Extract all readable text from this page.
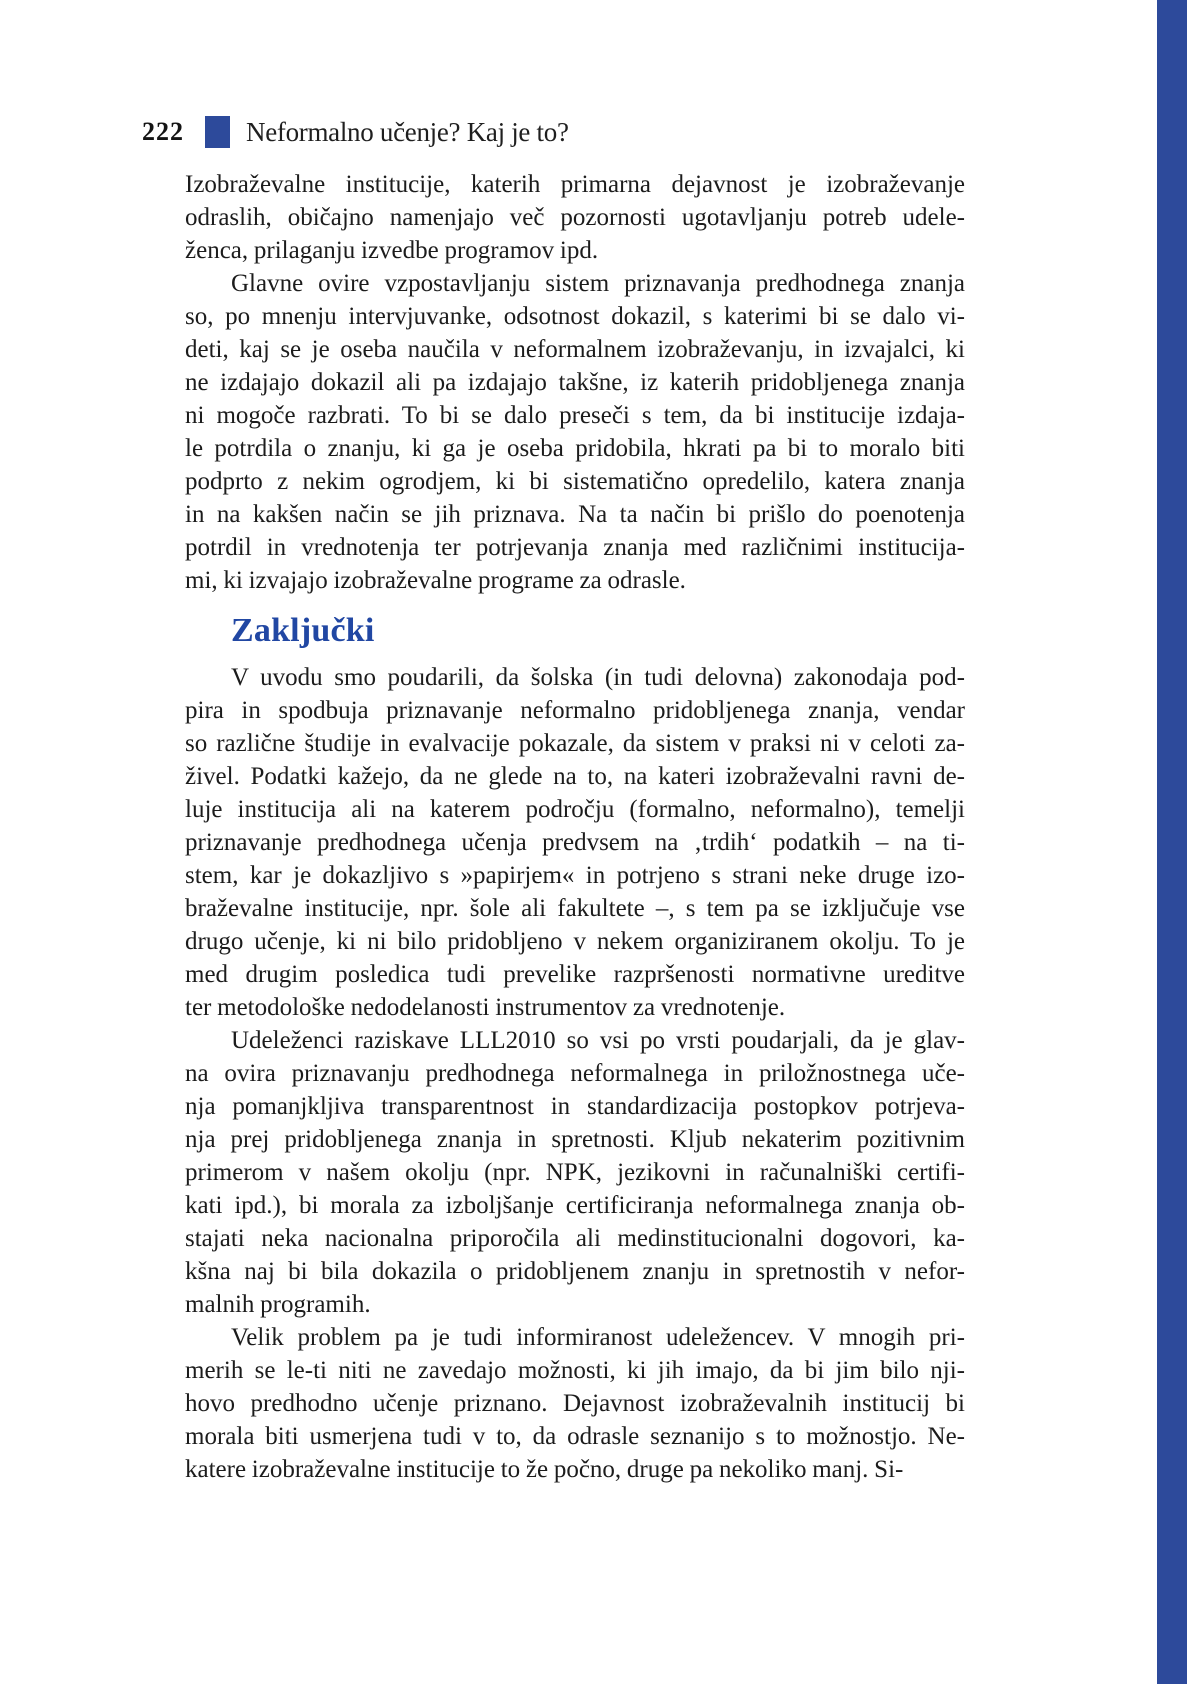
222 Neformalno učenje? Kaj je to?
Izobraževalne institucije, katerih primarna dejavnost je izobraževanje
odraslih, običajno namenjajo več pozornosti ugotavljanju potreb udele-
ženca, prilaganju izvedbe programov ipd.
Glavne ovire vzpostavljanju sistem priznavanja predhodnega znanja
so, po mnenju intervjuvanke, odsotnost dokazil, s katerimi bi se dalo vi-
deti, kaj se je oseba naučila v neformalnem izobraževanju, in izvajalci, ki
ne izdajajo dokazil ali pa izdajajo takšne, iz katerih pridobljenega znanja
ni mogoče razbrati. To bi se dalo preseči s tem, da bi institucije izdaja-
le potrdila o znanju, ki ga je oseba pridobila, hkrati pa bi to moralo biti
podprto z nekim ogrodjem, ki bi sistematično opredelilo, katera znanja
in na kakšen način se jih priznava. Na ta način bi prišlo do poenotenja
potrdil in vrednotenja ter potrjevanja znanja med različnimi institucija-
mi, ki izvajajo izobraževalne programe za odrasle.
Zaključki
V uvodu smo poudarili, da šolska (in tudi delovna) zakonodaja pod-
pira in spodbuja priznavanje neformalno pridobljenega znanja, vendar
so različne študije in evalvacije pokazale, da sistem v praksi ni v celoti za-
živel. Podatki kažejo, da ne glede na to, na kateri izobraževalni ravni de-
luje institucija ali na katerem področju (formalno, neformalno), temelji
priznavanje predhodnega učenja predvsem na ‚trdih‘ podatkih – na ti-
stem, kar je dokazljivo s »papirjem« in potrjeno s strani neke druge izo-
braževalne institucije, npr. šole ali fakultete –, s tem pa se izključuje vse
drugo učenje, ki ni bilo pridobljeno v nekem organiziranem okolju. To je
med drugim posledica tudi prevelike razpršenosti normativne ureditve
ter metodološke nedodelanosti instrumentov za vrednotenje.
Udeleženci raziskave LLL2010 so vsi po vrsti poudarjali, da je glav-
na ovira priznavanju predhodnega neformalnega in priložnostnega uče-
nja pomanjkljiva transparentnost in standardizacija postopkov potrjeva-
nja prej pridobljenega znanja in spretnosti. Kljub nekaterim pozitivnim
primerom v našem okolju (npr. NPK, jezikovni in računalniški certifi-
kati ipd.), bi morala za izboljšanje certificiranja neformalnega znanja ob-
stajati neka nacionalna priporočila ali medinstitucionalni dogovori, ka-
kšna naj bi bila dokazila o pridobljenem znanju in spretnostih v nefor-
malnih programih.
Velik problem pa je tudi informiranost udeležencev. V mnogih pri-
merih se le-ti niti ne zavedajo možnosti, ki jih imajo, da bi jim bilo nji-
hovo predhodno učenje priznano. Dejavnost izobraževalnih institucij bi
morala biti usmerjena tudi v to, da odrasle seznanijo s to možnostjo. Ne-
katere izobraževalne institucije to že počno, druge pa nekoliko manj. Si-
